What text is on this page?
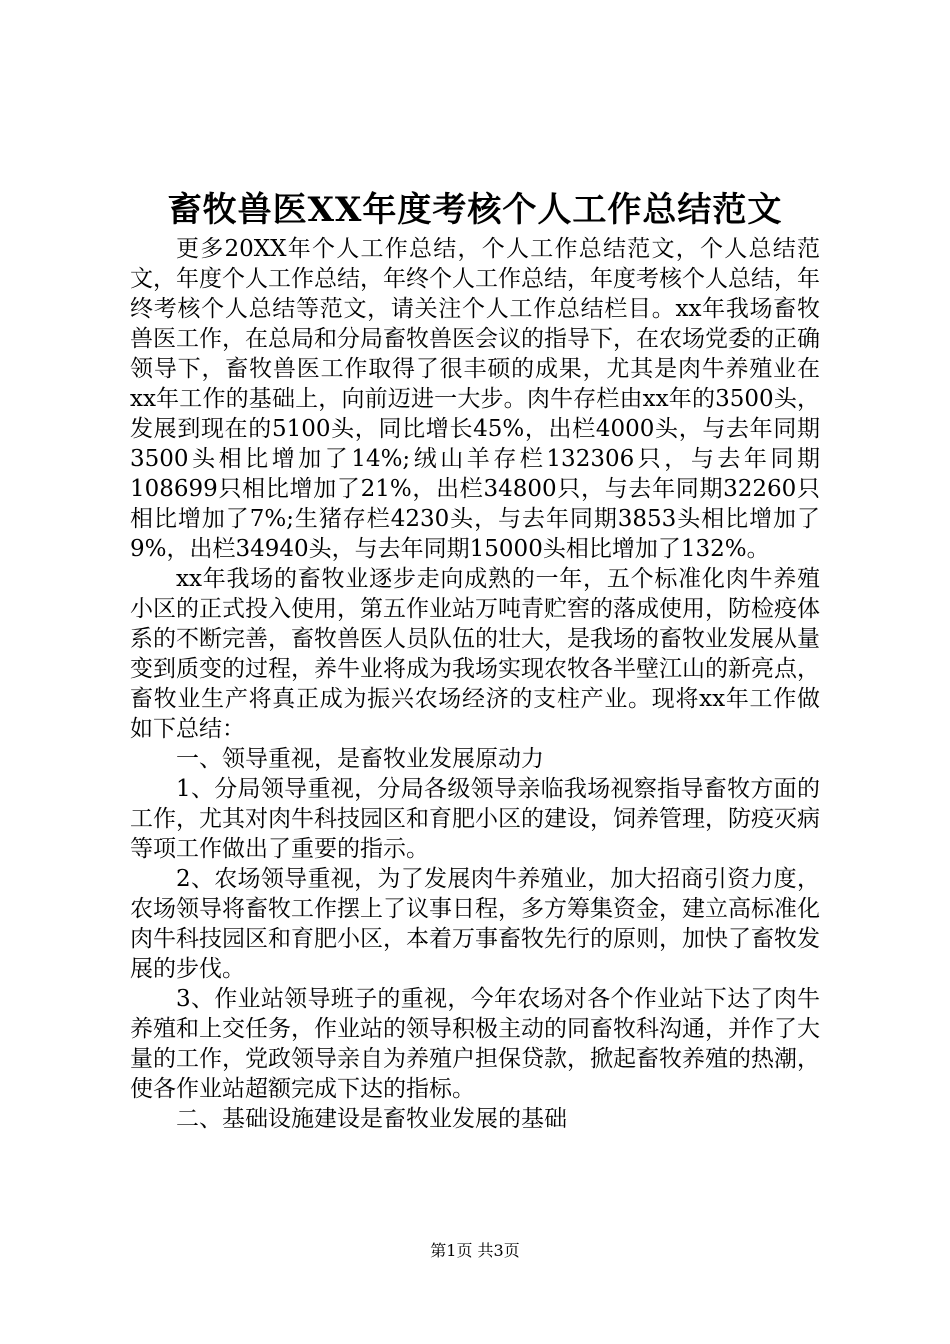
畜牧兽医XX年度考核个人工作总结范文

更多20XX年个人工作总结，个人工作总结范文，个人总结范文，年度个人工作总结，年终个人工作总结，年度考核个人总结，年终考核个人总结等范文，请关注个人工作总结栏目。xx年我场畜牧兽医工作，在总局和分局畜牧兽医会议的指导下，在农场党委的正确领导下，畜牧兽医工作取得了很丰硕的成果，尤其是肉牛养殖业在xx年工作的基础上，向前迈进一大步。肉牛存栏由xx年的3500头，发展到现在的5100头，同比增长45%，出栏4000头，与去年同期3500头相比增加了14%;绒山羊存栏132306只，与去年同期108699只相比增加了21%，出栏34800只，与去年同期32260只相比增加了7%;生猪存栏4230头，与去年同期3853头相比增加了9%，出栏34940头，与去年同期15000头相比增加了132%。

xx年我场的畜牧业逐步走向成熟的一年，五个标准化肉牛养殖小区的正式投入使用，第五作业站万吨青贮窖的落成使用，防检疫体系的不断完善，畜牧兽医人员队伍的壮大，是我场的畜牧业发展从量变到质变的过程，养牛业将成为我场实现农牧各半壁江山的新亮点，畜牧业生产将真正成为振兴农场经济的支柱产业。现将xx年工作做如下总结：

一、领导重视，是畜牧业发展原动力

1、分局领导重视，分局各级领导亲临我场视察指导畜牧方面的工作，尤其对肉牛科技园区和育肥小区的建设，饲养管理，防疫灭病等项工作做出了重要的指示。

2、农场领导重视，为了发展肉牛养殖业，加大招商引资力度，农场领导将畜牧工作摆上了议事日程，多方筹集资金，建立高标准化肉牛科技园区和育肥小区，本着万事畜牧先行的原则，加快了畜牧发展的步伐。

3、作业站领导班子的重视，今年农场对各个作业站下达了肉牛养殖和上交任务，作业站的领导积极主动的同畜牧科沟通，并作了大量的工作，党政领导亲自为养殖户担保贷款，掀起畜牧养殖的热潮，使各作业站超额完成下达的指标。

二、基础设施建设是畜牧业发展的基础

第1页 共3页
